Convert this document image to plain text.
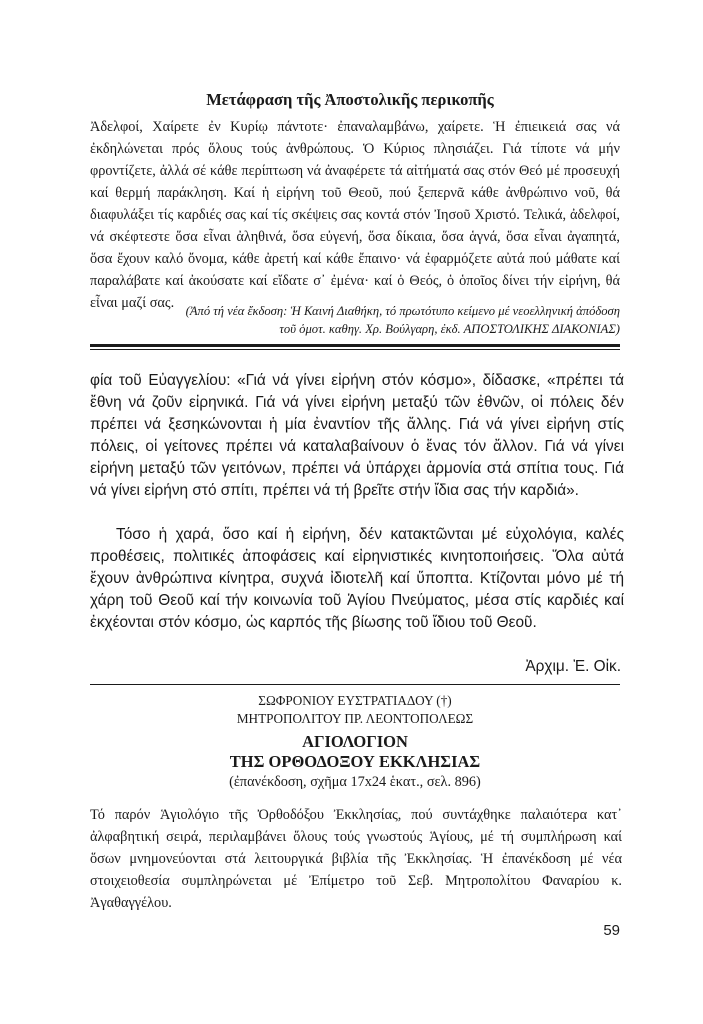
Μετάφραση τῆς Ἀποστολικῆς περικοπῆς

Ἀδελφοί, Χαίρετε ἐν Κυρίῳ πάντοτε· ἐπαναλαμβάνω, χαίρετε. Ἡ ἐπιεικειά σας νά ἐκδηλώνεται πρός ὅλους τούς ἀνθρώπους. Ὁ Κύριος πλησιάζει. Γιά τίποτε νά μήν φροντίζετε, ἀλλά σέ κάθε περίπτωση νά ἀναφέρετε τά αἰτήματά σας στόν Θεό μέ προσευχή καί θερμή παράκληση. Καί ἡ εἰρήνη τοῦ Θεοῦ, πού ξεπερνᾶ κάθε ἀνθρώπινο νοῦ, θά διαφυλάξει τίς καρδιές σας καί τίς σκέψεις σας κοντά στόν Ἰησοῦ Χριστό. Τελικά, ἀδελφοί, νά σκέφτεστε ὅσα εἶναι ἀληθινά, ὅσα εὐγενή, ὅσα δίκαια, ὅσα ἁγνά, ὅσα εἶναι ἀγαπητά, ὅσα ἔχουν καλό ὄνομα, κάθε ἀρετή καί κάθε ἔπαινο· νά ἐφαρμόζετε αὐτά πού μάθατε καί παραλάβατε καί ἀκούσατε καί εἴδατε σ᾽ ἐμένα· καί ὁ Θεός, ὁ ὁποῖος δίνει τήν εἰρήνη, θά εἶναι μαζί σας. (Ἀπό τή νέα ἔκδοση: Ἡ Καινή Διαθήκη, τό πρωτότυπο κείμενο μέ νεοελληνική ἀπόδοση
τοῦ ὁμοτ. καθηγ. Χρ. Βούλγαρη, ἐκδ. ΑΠΟΣΤΟΛΙΚΗΣ ΔΙΑΚΟΝΙΑΣ)

φία τοῦ Εὐαγγελίου: «Γιά νά γίνει εἰρήνη στόν κόσμο», δίδασκε, «πρέπει τά ἔθνη νά ζοῦν εἰρηνικά. Γιά νά γίνει εἰρήνη μεταξύ τῶν ἐθνῶν, οἱ πόλεις δέν πρέπει νά ξεσηκώνονται ἡ μία ἐναντίον τῆς ἄλλης. Γιά νά γίνει εἰρήνη στίς πόλεις, οἱ γείτονες πρέπει νά καταλαβαίνουν ὁ ἕνας τόν ἄλλον. Γιά νά γίνει εἰρήνη μεταξύ τῶν γειτόνων, πρέπει νά ὑπάρχει ἁρμονία στά σπίτια τους. Γιά νά γίνει εἰρήνη στό σπίτι, πρέπει νά τή βρεῖτε στήν ἴδια σας τήν καρδιά».

Τόσο ἡ χαρά, ὅσο καί ἡ εἰρήνη, δέν κατακτῶνται μέ εὐχολόγια, καλές προθέσεις, πολιτικές ἀποφάσεις καί εἰρηνιστικές κινητοποιήσεις. Ὅλα αὐτά ἔχουν ἀνθρώπινα κίνητρα, συχνά ἰδιοτελῆ καί ὕποπτα. Κτίζονται μόνο μέ τή χάρη τοῦ Θεοῦ καί τήν κοινωνία τοῦ Ἁγίου Πνεύματος, μέσα στίς καρδιές καί ἐκχέονται στόν κόσμο, ὡς καρπός τῆς βίωσης τοῦ ἴδιου τοῦ Θεοῦ.

Ἀρχιμ. Ἐ. Οἰκ.

ΣΩΦΡΟΝΙΟΥ ΕΥΣΤΡΑΤΙΑΔΟΥ (†)
ΜΗΤΡΟΠΟΛΙΤΟΥ ΠΡ. ΛΕΟΝΤΟΠΟΛΕΩΣ
ΑΓΙΟΛΟΓΙΟΝ
ΤΗΣ ΟΡΘΟΔΟΞΟΥ ΕΚΚΛΗΣΙΑΣ

(ἐπανέκδοση, σχῆμα 17x24 ἑκατ., σελ. 896)

Τό παρόν Ἁγιολόγιο τῆς Ὀρθοδόξου Ἐκκλησίας, πού συντάχθηκε παλαιότερα κατ᾽ ἀλφαβητική σειρά, περιλαμβάνει ὅλους τούς γνωστούς Ἁγίους, μέ τή συμπλήρωση καί ὅσων μνημονεύονται στά λειτουργικά βιβλία τῆς Ἐκκλησίας. Ἡ ἐπανέκδοση μέ νέα στοιχειοθεσία συμπληρώνεται μέ Ἐπίμετρο τοῦ Σεβ. Μητροπολίτου Φαναρίου κ. Ἀγαθαγγέλου.

59
